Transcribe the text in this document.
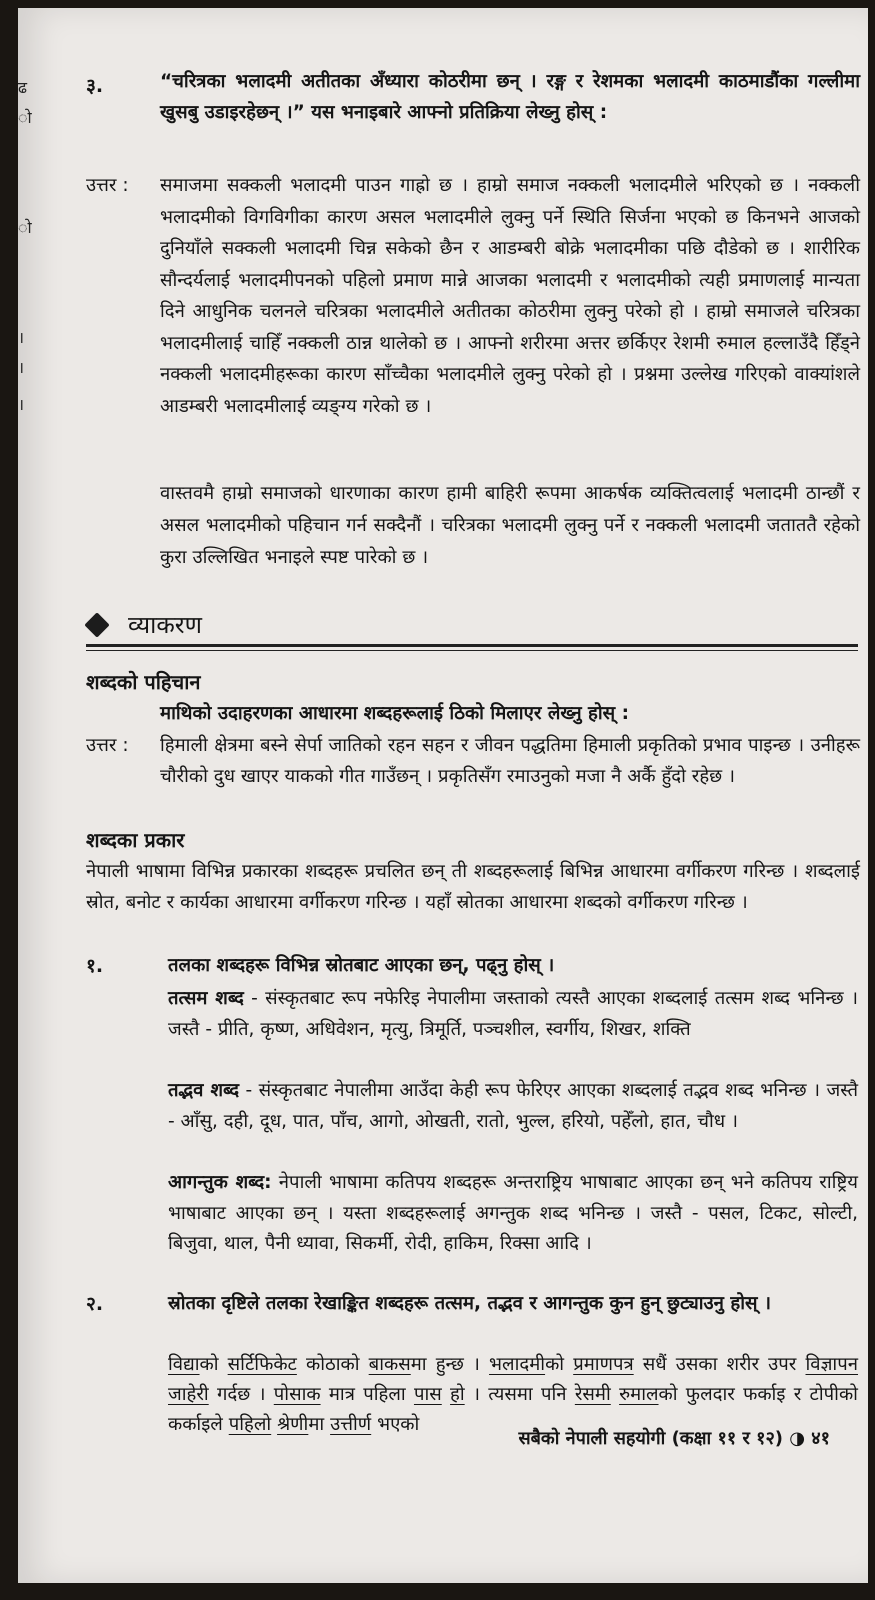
ढ
ो
ो
।
।
।
३.	“चरित्रका भलादमी अतीतका अँध्यारा कोठरीमा छन् । रङ्ग र रेशमका भलादमी काठमाडौंका गल्लीमा खुसबु उडाइरहेछन् ।” यस भनाइबारे आफ्नो प्रतिक्रिया लेख्नु होस् :
उत्तर : समाजमा सक्कली भलादमी पाउन गाह्रो छ । हाम्रो समाज नक्कली भलादमीले भरिएको छ । नक्कली भलादमीको विगविगीका कारण असल भलादमीले लुक्नु पर्ने स्थिति सिर्जना भएको छ किनभने आजको दुनियाँले सक्कली भलादमी चिन्न सकेको छैन र आडम्बरी बोक्रे भलादमीका पछि दौडेको छ । शारीरिक सौन्दर्यलाई भलादमीपनको पहिलो प्रमाण मान्ने आजका भलादमी र भलादमीको त्यही प्रमाणलाई मान्यता दिने आधुनिक चलनले चरित्रका भलादमीले अतीतका कोठरीमा लुक्नु परेको हो । हाम्रो समाजले चरित्रका भलादमीलाई चाहिँ नक्कली ठान्न थालेको छ । आफ्नो शरीरमा अत्तर छर्किएर रेशमी रुमाल हल्लाउँदै हिँड्ने नक्कली भलादमीहरूका कारण साँच्चैका भलादमीले लुक्नु परेको हो । प्रश्नमा उल्लेख गरिएको वाक्यांशले आडम्बरी भलादमीलाई व्यङ्ग्य गरेको छ ।
वास्तवमै हाम्रो समाजको धारणाका कारण हामी बाहिरी रूपमा आकर्षक व्यक्तित्वलाई भलादमी ठान्छौं र असल भलादमीको पहिचान गर्न सक्दैनौं । चरित्रका भलादमी लुक्नु पर्ने र नक्कली भलादमी जताततै रहेको कुरा उल्लिखित भनाइले स्पष्ट पारेको छ ।
व्याकरण
शब्दको पहिचान
माथिको उदाहरणका आधारमा शब्दहरूलाई ठिको मिलाएर लेख्नु होस् :
उत्तर : हिमाली क्षेत्रमा बस्ने सेर्पा जातिको रहन सहन र जीवन पद्धतिमा हिमाली प्रकृतिको प्रभाव पाइन्छ । उनीहरू चौरीको दुध खाएर याकको गीत गाउँछन् । प्रकृतिसँग रमाउनुको मजा नै अर्कै हुँदो रहेछ ।
शब्दका प्रकार
नेपाली भाषामा विभिन्न प्रकारका शब्दहरू प्रचलित छन् ती शब्दहरूलाई बिभिन्न आधारमा वर्गीकरण गरिन्छ । शब्दलाई स्रोत, बनोट र कार्यका आधारमा वर्गीकरण गरिन्छ । यहाँ स्रोतका आधारमा शब्दको वर्गीकरण गरिन्छ ।
१.	तलका शब्दहरू विभिन्न स्रोतबाट आएका छन्, पढ्नु होस् ।
तत्सम शब्द - संस्कृतबाट रूप नफेरिइ नेपालीमा जस्ताको त्यस्तै आएका शब्दलाई तत्सम शब्द भनिन्छ । जस्तै - प्रीति, कृष्ण, अधिवेशन, मृत्यु, त्रिमूर्ति, पञ्चशील, स्वर्गीय, शिखर, शक्ति
तद्भव शब्द - संस्कृतबाट नेपालीमा आउँदा केही रूप फेरिएर आएका शब्दलाई तद्भव शब्द भनिन्छ । जस्तै - आँसु, दही, दूध, पात, पाँच, आगो, ओखती, रातो, भुल्ल, हरियो, पहेँलो, हात, चौध ।
आगन्तुक शब्द: नेपाली भाषामा कतिपय शब्दहरू अन्तराष्ट्रिय भाषाबाट आएका छन् भने कतिपय राष्ट्रिय भाषाबाट आएका छन् । यस्ता शब्दहरूलाई अगन्तुक शब्द भनिन्छ । जस्तै - पसल, टिकट, सोल्टी, बिजुवा, थाल, पैनी ध्यावा, सिकर्मी, रोदी, हाकिम, रिक्सा आदि ।
२.	स्रोतका दृष्टिले तलका रेखाङ्कित शब्दहरू तत्सम, तद्भव र आगन्तुक कुन हुन् छुट्याउनु होस् ।
विद्याको सर्टिफिकेट कोठाको बाकसमा हुन्छ । भलादमीको प्रमाणपत्र सधैं उसका शरीर उपर विज्ञापन जाहेरी गर्दछ । पोसाक मात्र पहिला पास हो । त्यसमा पनि रेसमी रुमालको फुलदार फर्काइ र टोपीको कर्काइले पहिलो श्रेणीमा उत्तीर्ण भएको
सबैको नेपाली सहयोगी (कक्षा ११ र १२) ◑ ४१
